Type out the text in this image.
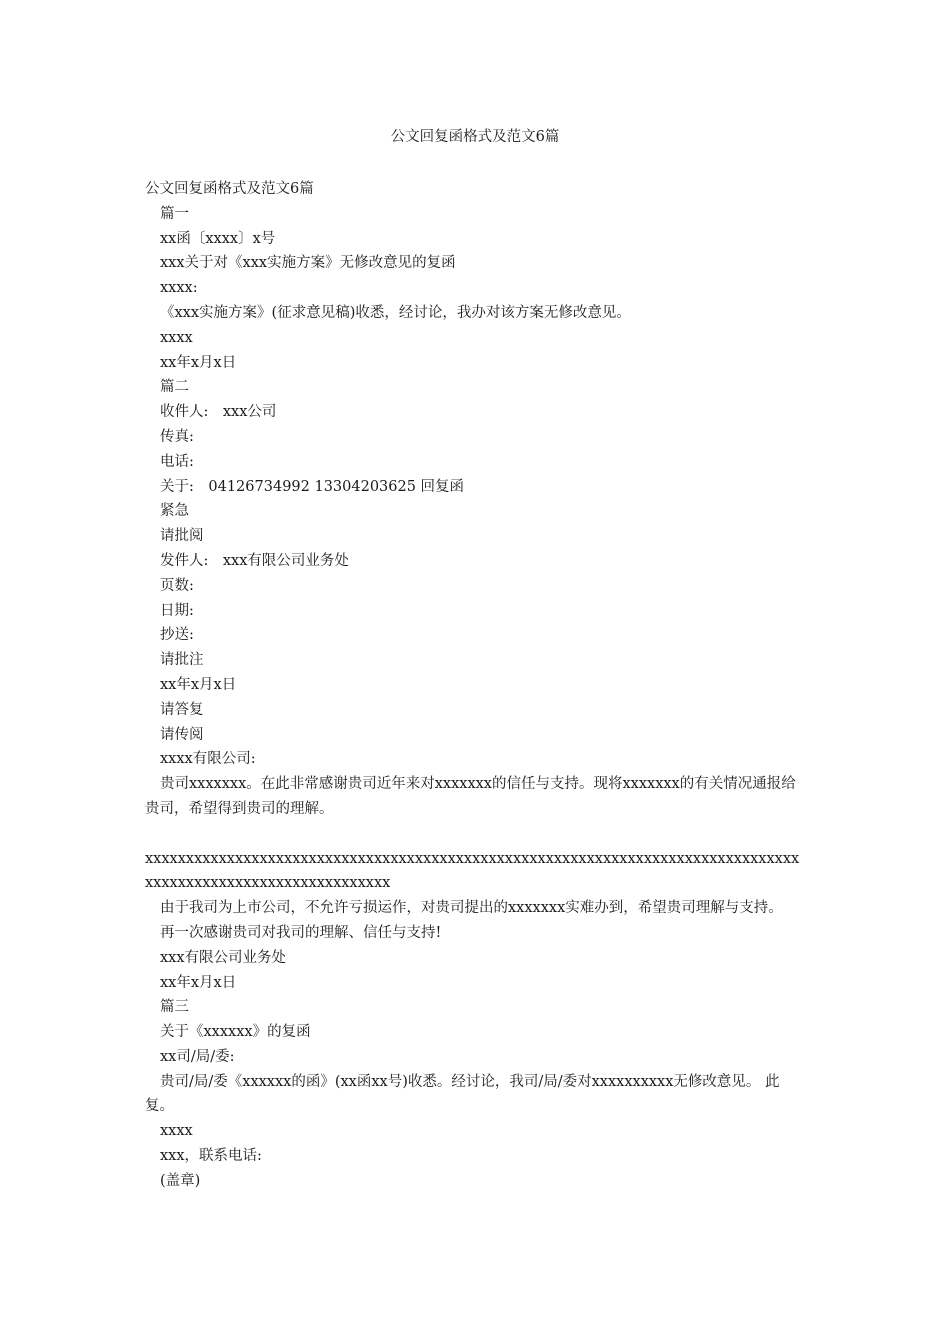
公文回复函格式及范文6篇

公文回复函格式及范文6篇

篇一

xx函〔xxxx〕x号

xxx关于对《xxx实施方案》无修改意见的复函

xxxx:

《xxx实施方案》(征求意见稿)收悉，经讨论，我办对该方案无修改意见。

xxxx

xx年x月x日

篇二

收件人:　xxx公司

传真:

电话:

关于:　04126734992 13304203625 回复函

紧急

请批阅

发件人:　xxx有限公司业务处

页数:

日期:

抄送:

请批注

xx年x月x日

请答复

请传阅

xxxx有限公司:

贵司xxxxxxx。在此非常感谢贵司近年来对xxxxxxx的信任与支持。现将xxxxxxx的有关情况通报给贵司，希望得到贵司的理解。

xxxxxxxxxxxxxxxxxxxxxxxxxxxxxxxxxxxxxxxxxxxxxxxxxxxxxxxxxxxxxxxxxxxxxxxxxxxxxxxxxxxxxxxxxxxxxxxxxxxxxxxxxxxxxx

由于我司为上市公司，不允许亏损运作，对贵司提出的xxxxxxx实难办到，希望贵司理解与支持。

再一次感谢贵司对我司的理解、信任与支持!

xxx有限公司业务处

xx年x月x日

篇三

关于《xxxxxx》的复函

xx司/局/委:

贵司/局/委《xxxxxx的函》(xx函xx号)收悉。经讨论，我司/局/委对xxxxxxxxxx无修改意见。 此复。

xxxx

xxx，联系电话:

(盖章)
